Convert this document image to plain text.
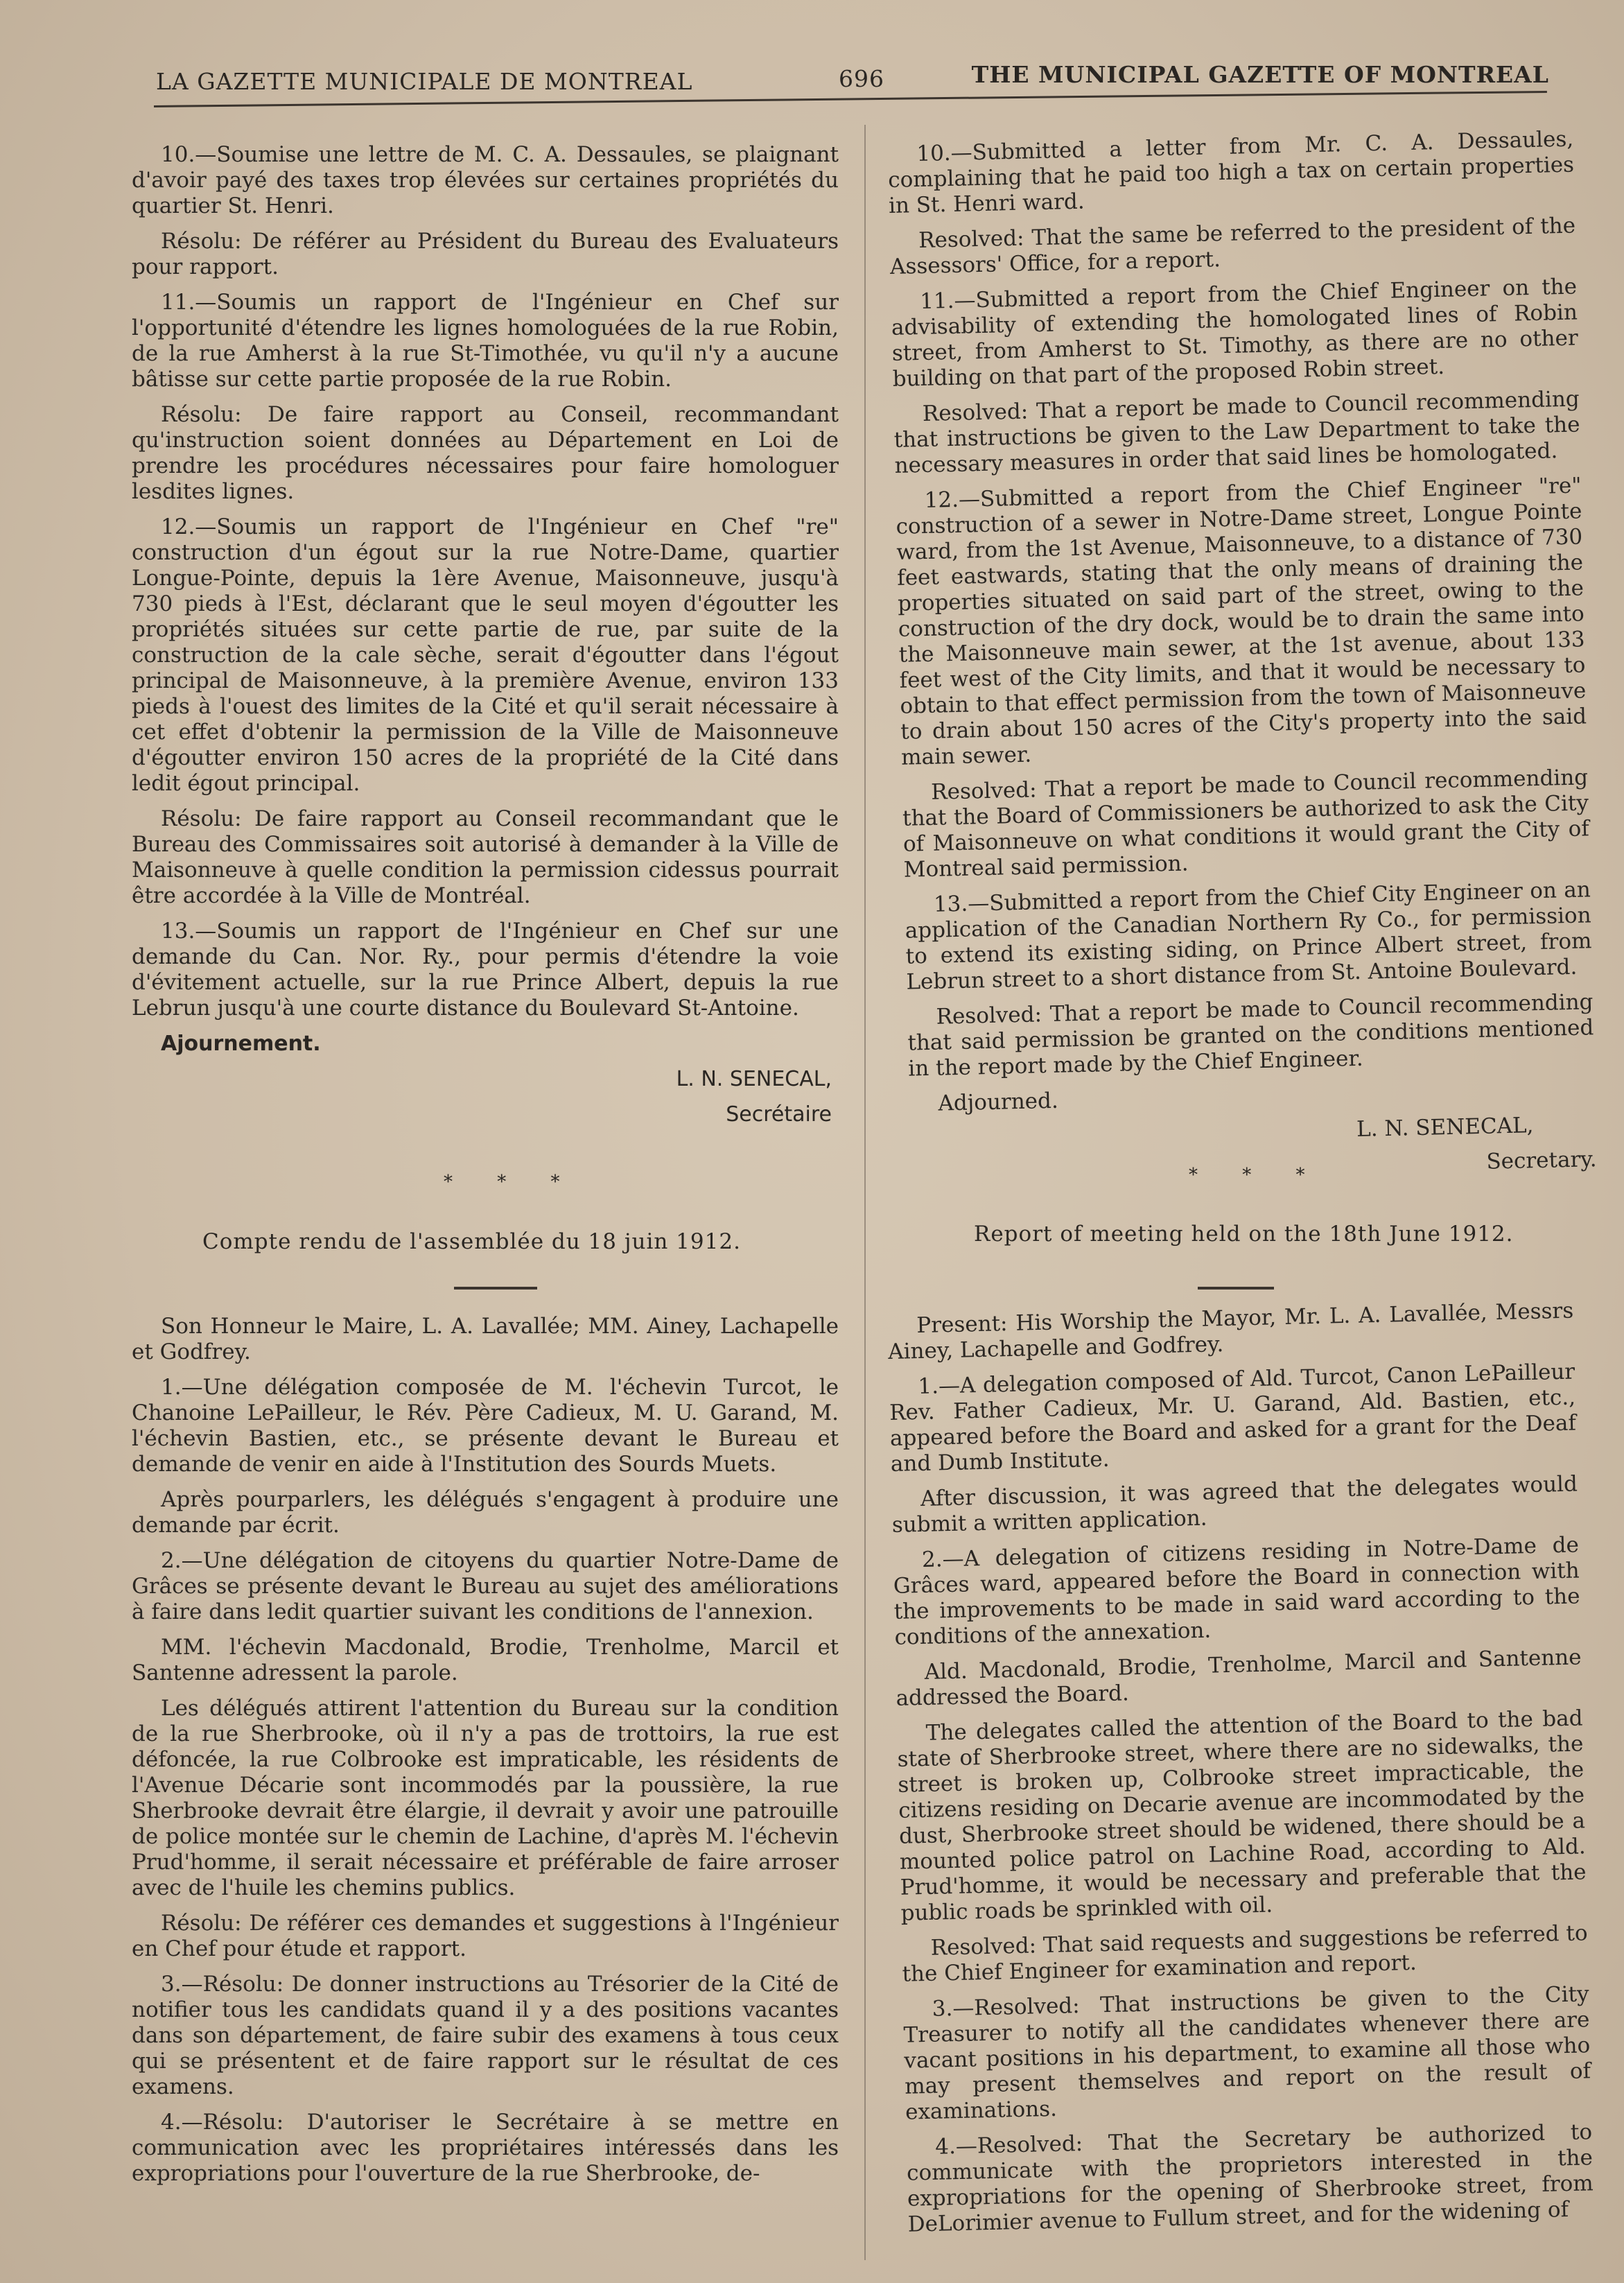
LA GAZETTE MUNICIPALE DE MONTREAL	696	THE MUNICIPAL GAZETTE OF MONTREAL

10.—Soumise une lettre de M. C. A. Dessaules, se plaignant d'avoir payé des taxes trop élevées sur certaines propriétés du quartier St. Henri.

Résolu: De référer au Président du Bureau des Evaluateurs pour rapport.

11.—Soumis un rapport de l'Ingénieur en Chef sur l'opportunité d'étendre les lignes homologuées de la rue Robin, de la rue Amherst à la rue St-Timothée, vu qu'il n'y a aucune bâtisse sur cette partie proposée de la rue Robin.

Résolu: De faire rapport au Conseil, recommandant qu'instruction soient données au Département en Loi de prendre les procédures nécessaires pour faire homologuer lesdites lignes.

12.—Soumis un rapport de l'Ingénieur en Chef "re" construction d'un égout sur la rue Notre-Dame, quartier Longue-Pointe, depuis la 1ère Avenue, Maisonneuve, jusqu'à 730 pieds à l'Est, déclarant que le seul moyen d'égoutter les propriétés situées sur cette partie de rue, par suite de la construction de la cale sèche, serait d'égoutter dans l'égout principal de Maisonneuve, à la première Avenue, environ 133 pieds à l'ouest des limites de la Cité et qu'il serait nécessaire à cet effet d'obtenir la permission de la Ville de Maisonneuve d'égoutter environ 150 acres de la propriété de la Cité dans ledit égout principal.

Résolu: De faire rapport au Conseil recommandant que le Bureau des Commissaires soit autorisé à demander à la Ville de Maisonneuve à quelle condition la permission cidessus pourrait être accordée à la Ville de Montréal.

13.—Soumis un rapport de l'Ingénieur en Chef sur une demande du Can. Nor. Ry., pour permis d'étendre la voie d'évitement actuelle, sur la rue Prince Albert, depuis la rue Lebrun jusqu'à une courte distance du Boulevard St-Antoine.

Ajournement.

L. N. SENECAL,

Secrétaire

10.—Submitted a letter from Mr. C. A. Dessaules, complaining that he paid too high a tax on certain properties in St. Henri ward.

Resolved: That the same be referred to the president of the Assessors' Office, for a report.

11.—Submitted a report from the Chief Engineer on the advisability of extending the homologated lines of Robin street, from Amherst to St. Timothy, as there are no other building on that part of the proposed Robin street.

Resolved: That a report be made to Council recommending that instructions be given to the Law Department to take the necessary measures in order that said lines be homologated.

12.—Submitted a report from the Chief Engineer "re" construction of a sewer in Notre-Dame street, Longue Pointe ward, from the 1st Avenue, Maisonneuve, to a distance of 730 feet eastwards, stating that the only means of draining the properties situated on said part of the street, owing to the construction of the dry dock, would be to drain the same into the Maisonneuve main sewer, at the 1st avenue, about 133 feet west of the City limits, and that it would be necessary to obtain to that effect permission from the town of Maisonneuve to drain about 150 acres of the City's property into the said main sewer.

Resolved: That a report be made to Council recommending that the Board of Commissioners be authorized to ask the City of Maisonneuve on what conditions it would grant the City of Montreal said permission.

13.—Submitted a report from the Chief City Engineer on an application of the Canadian Northern Ry Co., for permission to extend its existing siding, on Prince Albert street, from Lebrun street to a short distance from St. Antoine Boulevard.

Resolved: That a report be made to Council recommending that said permission be granted on the conditions mentioned in the report made by the Chief Engineer.

Adjourned.

L. N. SENECAL,

Secretary.

* * *	* * *
Compte rendu de l'assemblée du 18 juin 1912.	Report of meeting held on the 18th June 1912.

Son Honneur le Maire, L. A. Lavallée; MM. Ainey, Lachapelle et Godfrey.

1.—Une délégation composée de M. l'échevin Turcot, le Chanoine LePailleur, le Rév. Père Cadieux, M. U. Garand, M. l'échevin Bastien, etc., se présente devant le Bureau et demande de venir en aide à l'Institution des Sourds Muets.

Après pourparlers, les délégués s'engagent à produire une demande par écrit.

2.—Une délégation de citoyens du quartier Notre-Dame de Grâces se présente devant le Bureau au sujet des améliorations à faire dans ledit quartier suivant les conditions de l'annexion.

MM. l'échevin Macdonald, Brodie, Trenholme, Marcil et Santenne adressent la parole.

Les délégués attirent l'attention du Bureau sur la condition de la rue Sherbrooke, où il n'y a pas de trottoirs, la rue est défoncée, la rue Colbrooke est impraticable, les résidents de l'Avenue Décarie sont incommodés par la poussière, la rue Sherbrooke devrait être élargie, il devrait y avoir une patrouille de police montée sur le chemin de Lachine, d'après M. l'échevin Prud'homme, il serait nécessaire et préférable de faire arroser avec de l'huile les chemins publics.

Résolu: De référer ces demandes et suggestions à l'Ingénieur en Chef pour étude et rapport.

3.—Résolu: De donner instructions au Trésorier de la Cité de notifier tous les candidats quand il y a des positions vacantes dans son département, de faire subir des examens à tous ceux qui se présentent et de faire rapport sur le résultat de ces examens.

4.—Résolu: D'autoriser le Secrétaire à se mettre en communication avec les propriétaires intéressés dans les expropriations pour l'ouverture de la rue Sherbrooke, de-

Present: His Worship the Mayor, Mr. L. A. Lavallée, Messrs Ainey, Lachapelle and Godfrey.

1.—A delegation composed of Ald. Turcot, Canon LePailleur Rev. Father Cadieux, Mr. U. Garand, Ald. Bastien, etc., appeared before the Board and asked for a grant for the Deaf and Dumb Institute.

After discussion, it was agreed that the delegates would submit a written application.

2.—A delegation of citizens residing in Notre-Dame de Grâces ward, appeared before the Board in connection with the improvements to be made in said ward according to the conditions of the annexation.

Ald. Macdonald, Brodie, Trenholme, Marcil and Santenne addressed the Board.

The delegates called the attention of the Board to the bad state of Sherbrooke street, where there are no sidewalks, the street is broken up, Colbrooke street impracticable, the citizens residing on Decarie avenue are incommodated by the dust, Sherbrooke street should be widened, there should be a mounted police patrol on Lachine Road, according to Ald. Prud'homme, it would be necessary and preferable that the public roads be sprinkled with oil.

Resolved: That said requests and suggestions be referred to the Chief Engineer for examination and report.

3.—Resolved: That instructions be given to the City Treasurer to notify all the candidates whenever there are vacant positions in his department, to examine all those who may present themselves and report on the result of examinations.

4.—Resolved: That the Secretary be authorized to communicate with the proprietors interested in the expropriations for the opening of Sherbrooke street, from DeLorimier avenue to Fullum street, and for the widening of
